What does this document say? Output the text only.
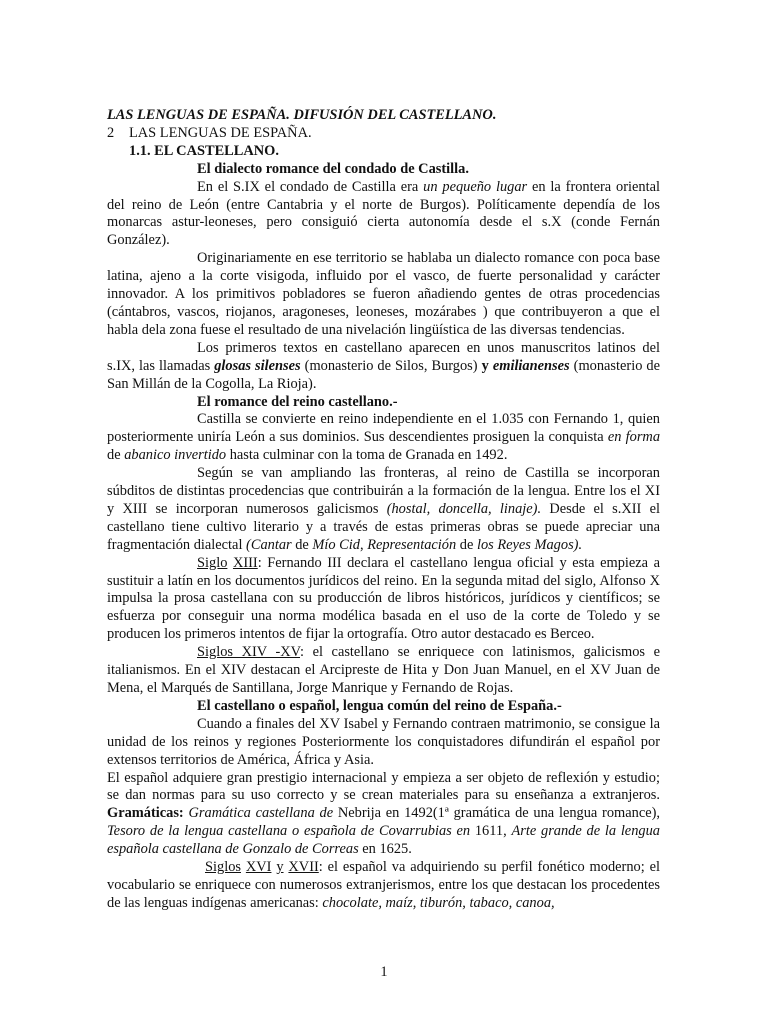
LAS LENGUAS DE ESPAÑA. DIFUSIÓN DEL CASTELLANO.
2 LAS LENGUAS DE ESPAÑA.
1.1. EL CASTELLANO.
El dialecto romance del condado de Castilla.

En el S.IX el condado de Castilla era un pequeño lugar en la frontera oriental del reino de León (entre Cantabria y el norte de Burgos). Políticamente dependía de los monarcas astur-leoneses, pero consiguió cierta autonomía desde el s.X (conde Fernán González).

Originariamente en ese territorio se hablaba un dialecto romance con poca base latina, ajeno a la corte visigoda, influido por el vasco, de fuerte personalidad y carácter innovador. A los primitivos pobladores se fueron añadiendo gentes de otras procedencias (cántabros, vascos, riojanos, aragoneses, leoneses, mozárabes ) que contribuyeron a que el habla dela zona fuese el resultado de una nivelación lingüística de las diversas tendencias.

Los primeros textos en castellano aparecen en unos manuscritos latinos del s.IX, las llamadas glosas silenses (monasterio de Silos, Burgos) y emilianenses (monasterio de San Millán de la Cogolla, La Rioja).

El romance del reino castellano.-

Castilla se convierte en reino independiente en el 1.035 con Fernando 1, quien posteriormente uniría León a sus dominios. Sus descendientes prosiguen la conquista en forma de abanico invertido hasta culminar con la toma de Granada en 1492.

Según se van ampliando las fronteras, al reino de Castilla se incorporan súbditos de distintas procedencias que contribuirán a la formación de la lengua. Entre los el XI y XIII se incorporan numerosos galicismos (hostal, doncella, linaje). Desde el s.XII el castellano tiene cultivo literario y a través de estas primeras obras se puede apreciar una fragmentación dialectal (Cantar de Mío Cid, Representación de los Reyes Magos).

Siglo XIII: Fernando III declara el castellano lengua oficial y esta empieza a sustituir a latín en los documentos jurídicos del reino. En la segunda mitad del siglo, Alfonso X impulsa la prosa castellana con su producción de libros históricos, jurídicos y científicos; se esfuerza por conseguir una norma modélica basada en el uso de la corte de Toledo y se producen los primeros intentos de fijar la ortografía. Otro autor destacado es Berceo.

Siglos XIV -XV: el castellano se enriquece con latinismos, galicismos e italianismos. En el XIV destacan el Arcipreste de Hita y Don Juan Manuel, en el XV Juan de Mena, el Marqués de Santillana, Jorge Manrique y Fernando de Rojas.

El castellano o español, lengua común del reino de España.-

Cuando a finales del XV Isabel y Fernando contraen matrimonio, se consigue la unidad de los reinos y regiones Posteriormente los conquistadores difundirán el español por extensos territorios de América, África y Asia.

El español adquiere gran prestigio internacional y empieza a ser objeto de reflexión y estudio; se dan normas para su uso correcto y se crean materiales para su enseñanza a extranjeros. Gramáticas: Gramática castellana de Nebrija en 1492(1ª gramática de una lengua romance), Tesoro de la lengua castellana o española de Covarrubias en 1611, Arte grande de la lengua española castellana de Gonzalo de Correas en 1625.

Siglos XVI y XVII: el español va adquiriendo su perfil fonético moderno; el vocabulario se enriquece con numerosos extranjerismos, entre los que destacan los procedentes de las lenguas indígenas americanas: chocolate, maíz, tiburón, tabaco, canoa,

1
